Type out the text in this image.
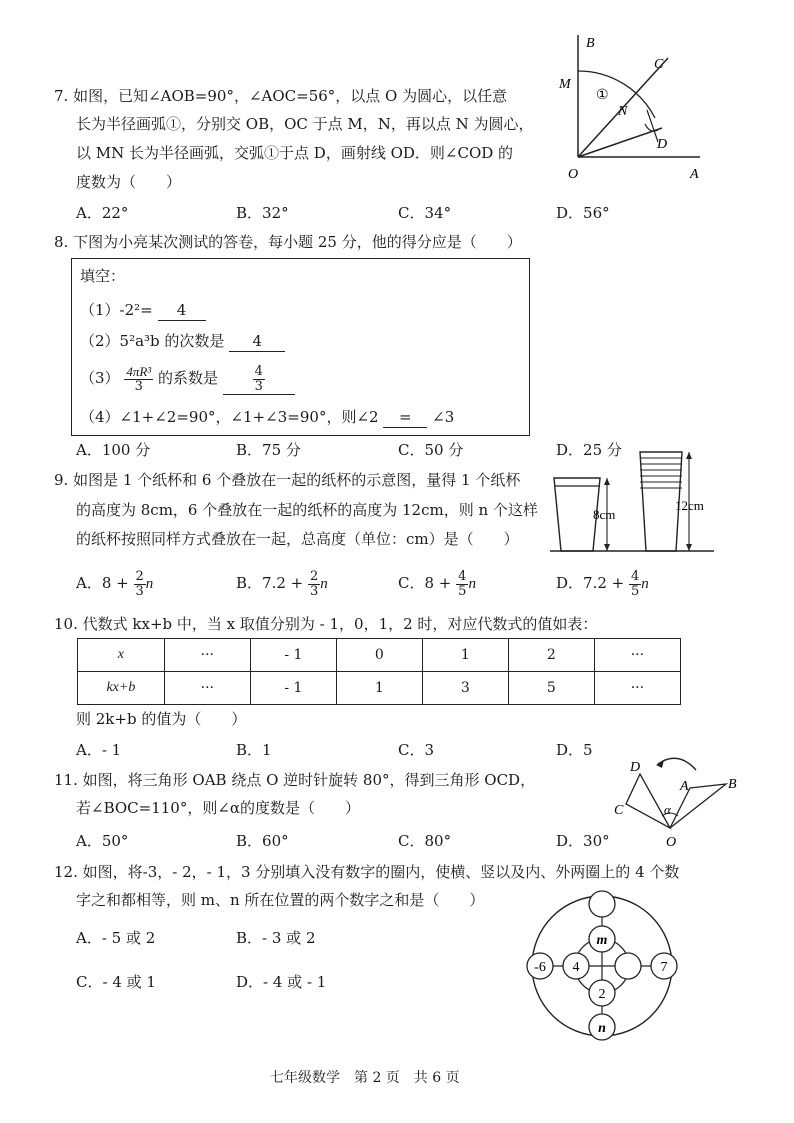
7. 如图，已知∠AOB=90°，∠AOC=56°，以点 O 为圆心，以任意
长为半径画弧①，分别交 OB，OC 于点 M，N，再以点 N 为圆心，
以 MN 长为半径画弧，交弧①于点 D，画射线 OD．则∠COD 的
度数为（　　）
A．22°	B．32°	C．34°	D．56°
B
C
M
N
①
D
O	A
8. 下图为小亮某次测试的答卷，每小题 25 分，他的得分应是（　　）
填空：
（1）-2²= 4
（2）5²a³b 的次数是 4
$(3) \frac{\text{4πR³}}{3}$ 的系数是	$\frac{4}{3}$
（4）∠1+∠2=90°，∠1+∠3=90°，则∠2 = ∠3
A．100 分	B．75 分	C．50 分	D．25 分
9. 如图是 1 个纸杯和 6 个叠放在一起的纸杯的示意图，量得 1 个纸杯
的高度为 8cm，6 个叠放在一起的纸杯的高度为 12cm，则 n 个这样
的纸杯按照同样方式叠放在一起，总高度（单位：cm）是（　　）
A．$8 + \frac{2}{3}$ n	B．$7.2 + \frac{2}{3}$ n	C．$8 + \frac{4}{5}$ n	D．$7.2 + \frac{4}{5}$ n
8cm
12cm
10. 代数式 kx+b 中，当 x 取值分别为 - 1，0，1，2 时，对应代数式的值如表：
x	···	- 1	0	1	2	···
kx+b	···	- 1	1	3	5	···
则 2k+b 的值为（　　）
A．- 1	B．1	C．3	D．5
11. 如图，将三角形 OAB 绕点 O 逆时针旋转 80°，得到三角形 OCD，
若∠BOC=110°，则∠α的度数是（　　）
A．50°	B．60°	C．80°	D．30°
D
A	B
C	α
O
12. 如图，将-3，- 2，- 1，3 分别填入没有数字的圈内，使横、竖以及内、外两圈上的 4 个数
字之和都相等，则 m、n 所在位置的两个数字之和是（　　）
A．- 5 或 2	B．- 3 或 2
C．- 4 或 1	D．- 4 或 - 1
m
-6 4	7
2
n
七年级数学　第 2 页　共 6 页
